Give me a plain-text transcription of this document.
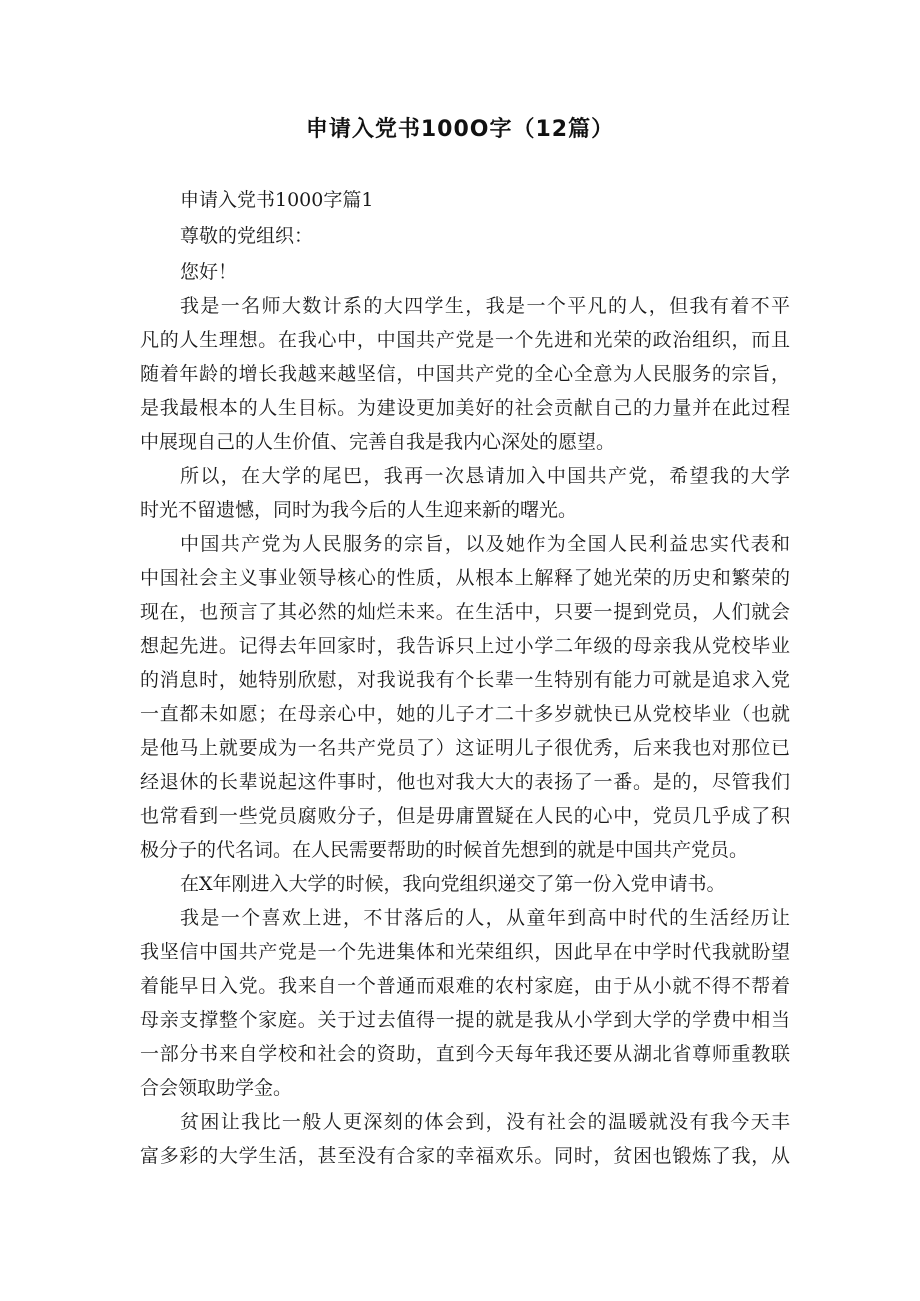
申请入党书100O字（12篇）
申请入党书1000字篇1
尊敬的党组织：
您好！
我是一名师大数计系的大四学生，我是一个平凡的人，但我有着不平
凡的人生理想。在我心中，中国共产党是一个先进和光荣的政治组织，而且
随着年龄的增长我越来越坚信，中国共产党的全心全意为人民服务的宗旨，
是我最根本的人生目标。为建设更加美好的社会贡献自己的力量并在此过程
中展现自己的人生价值、完善自我是我内心深处的愿望。
所以，在大学的尾巴，我再一次恳请加入中国共产党，希望我的大学
时光不留遗憾，同时为我今后的人生迎来新的曙光。
中国共产党为人民服务的宗旨，以及她作为全国人民利益忠实代表和
中国社会主义事业领导核心的性质，从根本上解释了她光荣的历史和繁荣的
现在，也预言了其必然的灿烂未来。在生活中，只要一提到党员，人们就会
想起先进。记得去年回家时，我告诉只上过小学二年级的母亲我从党校毕业
的消息时，她特别欣慰，对我说我有个长辈一生特别有能力可就是追求入党
一直都未如愿；在母亲心中，她的儿子才二十多岁就快已从党校毕业（也就
是他马上就要成为一名共产党员了）这证明儿子很优秀，后来我也对那位已
经退休的长辈说起这件事时，他也对我大大的表扬了一番。是的，尽管我们
也常看到一些党员腐败分子，但是毋庸置疑在人民的心中，党员几乎成了积
极分子的代名词。在人民需要帮助的时候首先想到的就是中国共产党员。
在X年刚进入大学的时候，我向党组织递交了第一份入党申请书。
我是一个喜欢上进，不甘落后的人，从童年到高中时代的生活经历让
我坚信中国共产党是一个先进集体和光荣组织，因此早在中学时代我就盼望
着能早日入党。我来自一个普通而艰难的农村家庭，由于从小就不得不帮着
母亲支撑整个家庭。关于过去值得一提的就是我从小学到大学的学费中相当
一部分书来自学校和社会的资助，直到今天每年我还要从湖北省尊师重教联
合会领取助学金。
贫困让我比一般人更深刻的体会到，没有社会的温暖就没有我今天丰
富多彩的大学生活，甚至没有合家的幸福欢乐。同时，贫困也锻炼了我，从
